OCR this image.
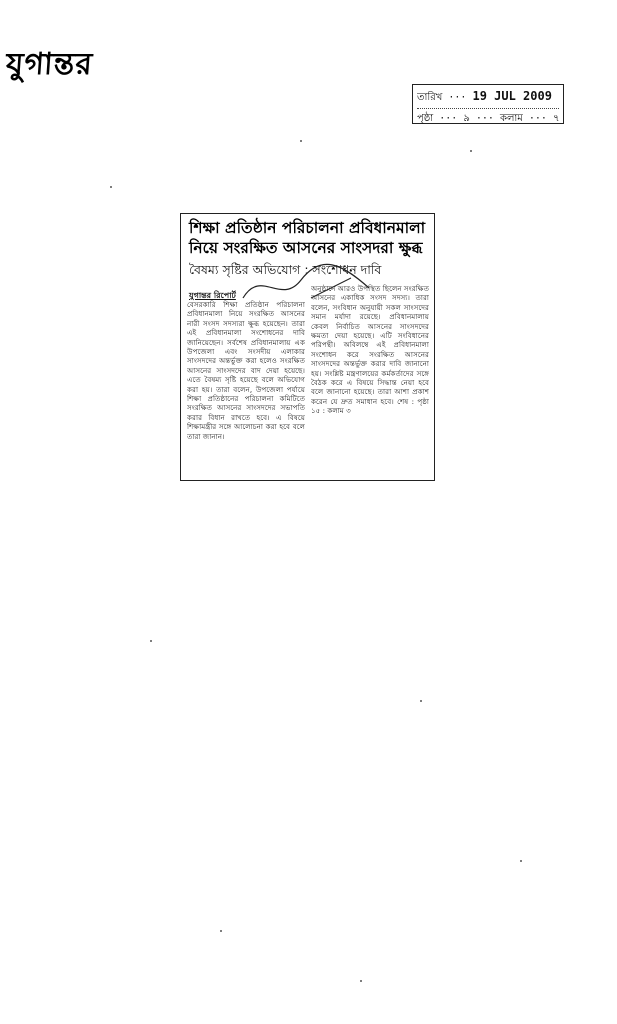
যুগান্তর
তারিখ ··· 19 JUL 2009
পৃষ্ঠা ··· ৯ ··· কলাম ··· ৭
শিক্ষা প্রতিষ্ঠান পরিচালনা প্রবিধানমালা নিয়ে সংরক্ষিত আসনের সাংসদরা ক্ষুব্ধ
বৈষম্য সৃষ্টির অভিযোগ : সংশোধন দাবি
যুগান্তর রিপোর্ট
বেসরকারি শিক্ষা প্রতিষ্ঠান পরিচালনা প্রবিধানমালা নিয়ে সংরক্ষিত আসনের নারী সংসদ সদস্যরা ক্ষুব্ধ হয়েছেন। তারা এই প্রবিধানমালা সংশোধনের দাবি জানিয়েছেন। সর্বশেষ প্রবিধানমালায় এক উপজেলা এবং সংসদীয় এলাকার সাংসদদের অন্তর্ভুক্ত করা হলেও সংরক্ষিত আসনের সাংসদদের বাদ দেয়া হয়েছে। এতে বৈষম্য সৃষ্টি হয়েছে বলে অভিযোগ করা হয়। তারা বলেন, উপজেলা পর্যায়ে শিক্ষা প্রতিষ্ঠানের পরিচালনা কমিটিতে সংরক্ষিত আসনের সাংসদদের সভাপতি করার বিধান রাখতে হবে। এ বিষয়ে শিক্ষামন্ত্রীর সঙ্গে আলোচনা করা হবে বলে তারা জানান।
অনুষ্ঠানে আরও উপস্থিত ছিলেন সংরক্ষিত আসনের একাধিক সংসদ সদস্য। তারা বলেন, সংবিধান অনুযায়ী সকল সাংসদের সমান মর্যাদা রয়েছে। প্রবিধানমালায় কেবল নির্বাচিত আসনের সাংসদদের ক্ষমতা দেয়া হয়েছে। এটি সংবিধানের পরিপন্থী। অবিলম্বে এই প্রবিধানমালা সংশোধন করে সংরক্ষিত আসনের সাংসদদের অন্তর্ভুক্ত করার দাবি জানানো হয়। সংশ্লিষ্ট মন্ত্রণালয়ের কর্মকর্তাদের সঙ্গে বৈঠক করে এ বিষয়ে সিদ্ধান্ত নেয়া হবে বলে জানানো হয়েছে। তারা আশা প্রকাশ করেন যে দ্রুত সমাধান হবে। শেষ : পৃষ্ঠা ১৫ : কলাম ৩
